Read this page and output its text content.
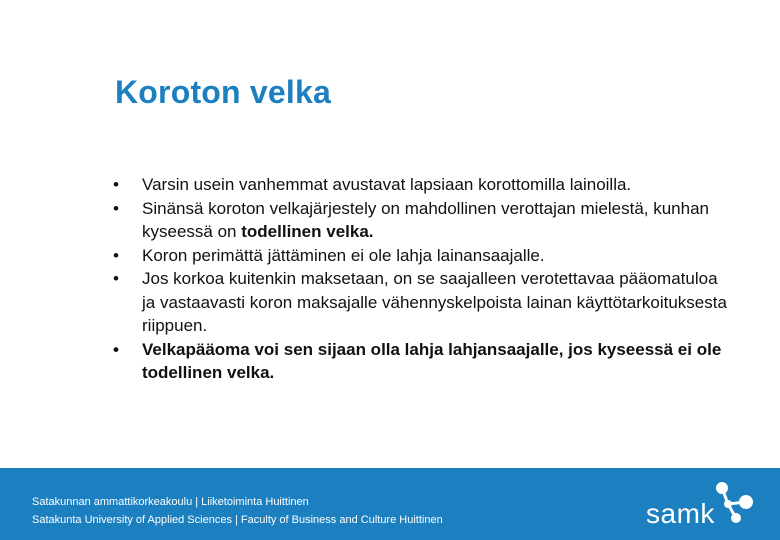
Koroton velka
•	Varsin usein vanhemmat avustavat lapsiaan korottomilla lainoilla.
•	Sinänsä koroton velkajärjestely on mahdollinen verottajan mielestä, kunhan kyseessä on todellinen velka.
•	Koron perimättä jättäminen ei ole lahja lainansaajalle.
•	Jos korkoa kuitenkin maksetaan, on se saajalleen verotettavaa pääomatuloa ja vastaavasti koron maksajalle vähennyskelpoista lainan käyttötarkoituksesta riippuen.
•	Velkapääoma voi sen sijaan olla lahja lahjansaajalle, jos kyseessä ei ole todellinen velka.
Satakunnan ammattikorkeakoulu | Liiketoiminta Huittinen
Satakunta University of Applied Sciences | Faculty of Business and Culture Huittinen	samk
